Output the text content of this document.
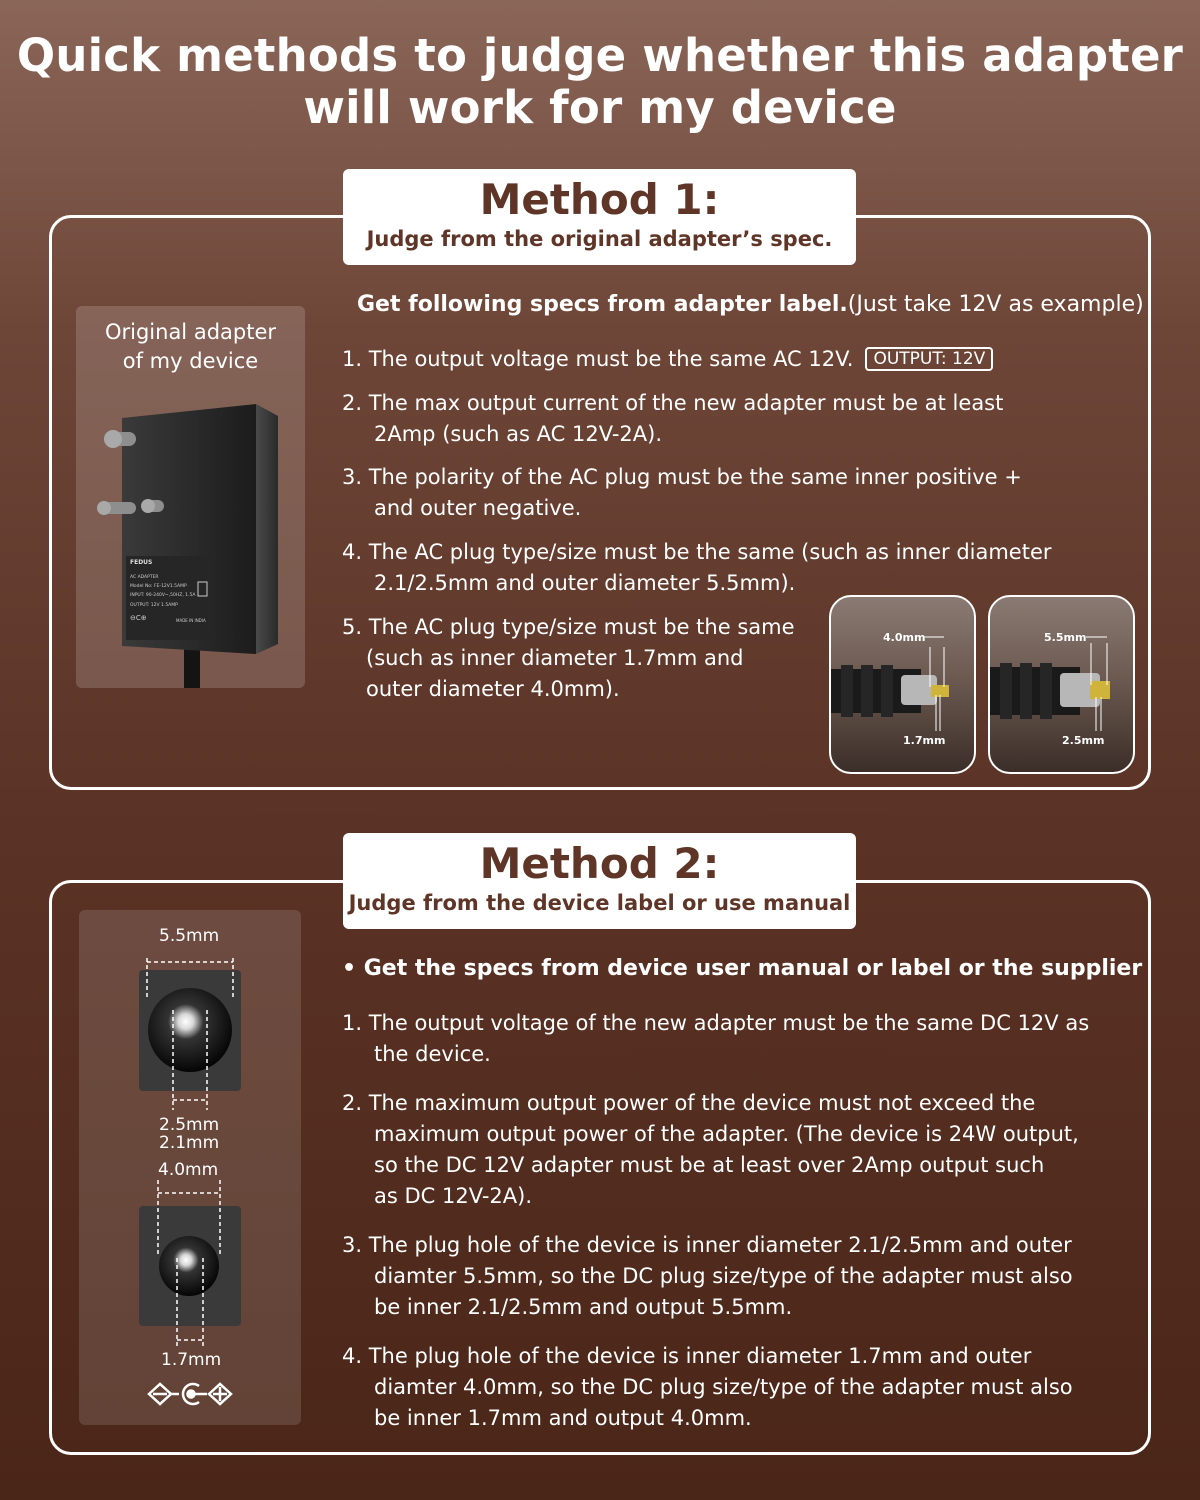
Quick methods to judge whether this adapter
will work for my device
Method 1:
Judge from the original adapter’s spec.
Original adapter
of my device
FEDUS
AC ADAPTER
Model No: FE-12V1.5AMP
INPUT: 90-240V~,50HZ, 1.5A
OUTPUT: 12V 1.5AMP
MADE IN INDIA
⊖C⊕
Get following specs from adapter label.(Just take 12V as example)
1. The output voltage must be the same AC 12V. OUTPUT: 12V
2. The max output current of the new adapter must be at least
2Amp (such as AC 12V-2A).
3. The polarity of the AC plug must be the same inner positive +
and outer negative.
4. The AC plug type/size must be the same (such as inner diameter
2.1/2.5mm and outer diameter 5.5mm).
5. The AC plug type/size must be the same
(such as inner diameter 1.7mm and
outer diameter 4.0mm).
4.0mm
1.7mm
5.5mm
2.5mm
Method 2:
Judge from the device label or use manual
5.5mm
2.5mm
2.1mm
4.0mm
1.7mm
• Get the specs from device user manual or label or the supplier
1. The output voltage of the new adapter must be the same DC 12V as
the device.
2. The maximum output power of the device must not exceed the
maximum output power of the adapter. (The device is 24W output,
so the DC 12V adapter must be at least over 2Amp output such
as DC 12V-2A).
3. The plug hole of the device is inner diameter 2.1/2.5mm and outer
diamter 5.5mm, so the DC plug size/type of the adapter must also
be inner 2.1/2.5mm and output 5.5mm.
4. The plug hole of the device is inner diameter 1.7mm and outer
diamter 4.0mm, so the DC plug size/type of the adapter must also
be inner 1.7mm and output 4.0mm.
